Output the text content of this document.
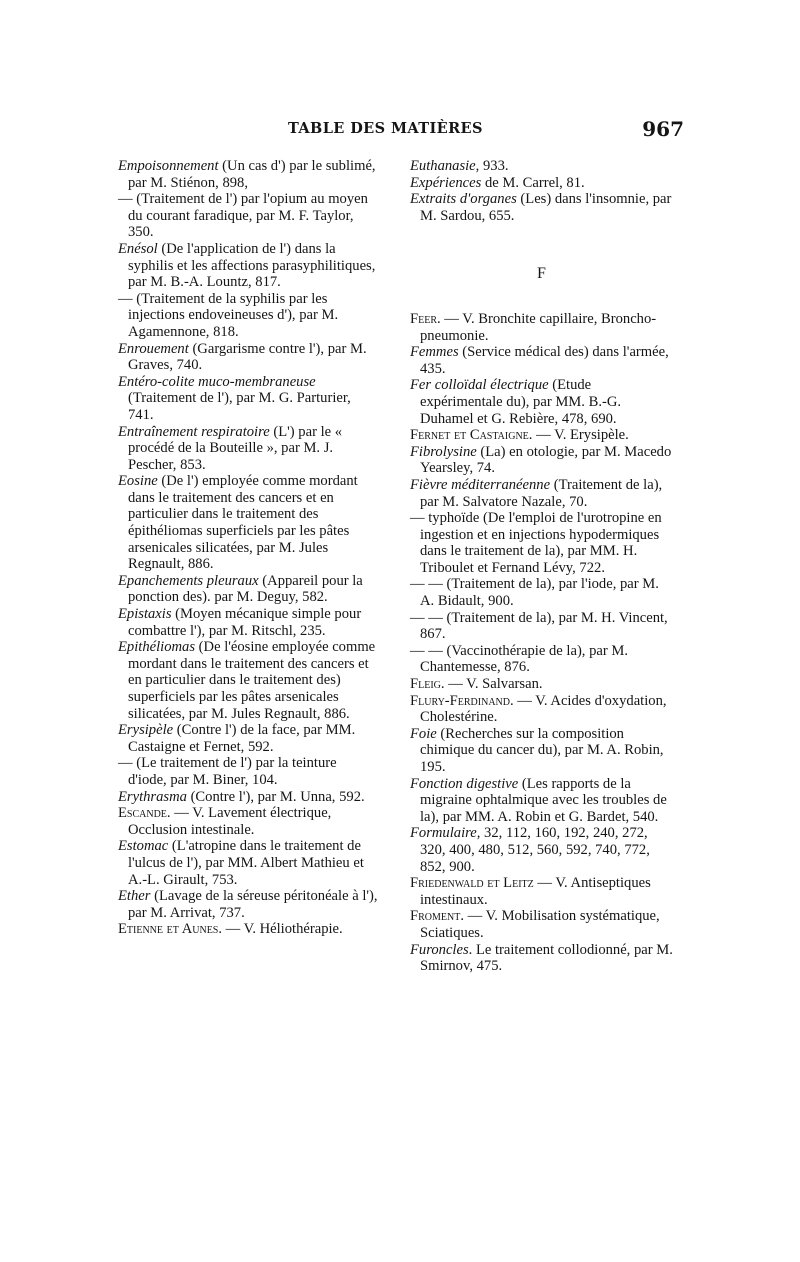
TABLE DES MATIÈRES	967

Empoisonnement (Un cas d') par le sublimé, par M. Stiénon, 898,

— (Traitement de l') par l'opium au moyen du courant faradique, par M. F. Taylor, 350.

Enésol (De l'application de l') dans la syphilis et les affections parasyphilitiques, par M. B.-A. Lountz, 817.

— (Traitement de la syphilis par les injections endoveineuses d'), par M. Agamennone, 818.

Enrouement (Gargarisme contre l'), par M. Graves, 740.

Entéro-colite muco-membraneuse (Traitement de l'), par M. G. Parturier, 741.

Entraînement respiratoire (L') par le « procédé de la Bouteille », par M. J. Pescher, 853.

Eosine (De l') employée comme mordant dans le traitement des cancers et en particulier dans le traitement des épithéliomas superficiels par les pâtes arsenicales silicatées, par M. Jules Regnault, 886.

Epanchements pleuraux (Appareil pour la ponction des). par M. Deguy, 582.

Epistaxis (Moyen mécanique simple pour combattre l'), par M. Ritschl, 235.

Epithéliomas (De l'éosine employée comme mordant dans le traitement des cancers et en particulier dans le traitement des) superficiels par les pâtes arsenicales silicatées, par M. Jules Regnault, 886.

Erysipèle (Contre l') de la face, par MM. Castaigne et Fernet, 592.

— (Le traitement de l') par la teinture d'iode, par M. Biner, 104.

Erythrasma (Contre l'), par M. Unna, 592.

Escande. — V. Lavement électrique, Occlusion intestinale.

Estomac (L'atropine dans le traitement de l'ulcus de l'), par MM. Albert Mathieu et A.-L. Girault, 753.

Ether (Lavage de la séreuse péritonéale à l'), par M. Arrivat, 737.

Etienne et Aunes. — V. Héliothérapie.

Euthanasie, 933.

Expériences de M. Carrel, 81.

Extraits d'organes (Les) dans l'insomnie, par M. Sardou, 655.

F

Feer. — V. Bronchite capillaire, Broncho-pneumonie.

Femmes (Service médical des) dans l'armée, 435.

Fer colloïdal électrique (Etude expérimentale du), par MM. B.-G. Duhamel et G. Rebière, 478, 690.

Fernet et Castaigne. — V. Erysipèle.

Fibrolysine (La) en otologie, par M. Macedo Yearsley, 74.

Fièvre méditerranéenne (Traitement de la), par M. Salvatore Nazale, 70.

— typhoïde (De l'emploi de l'urotropine en ingestion et en injections hypodermiques dans le traitement de la), par MM. H. Triboulet et Fernand Lévy, 722.

— — (Traitement de la), par l'iode, par M. A. Bidault, 900.

— — (Traitement de la), par M. H. Vincent, 867.

— — (Vaccinothérapie de la), par M. Chantemesse, 876.

Fleig. — V. Salvarsan.

Flury-Ferdinand. — V. Acides d'oxydation, Cholestérine.

Foie (Recherches sur la composition chimique du cancer du), par M. A. Robin, 195.

Fonction digestive (Les rapports de la migraine ophtalmique avec les troubles de la), par MM. A. Robin et G. Bardet, 540.

Formulaire, 32, 112, 160, 192, 240, 272, 320, 400, 480, 512, 560, 592, 740, 772, 852, 900.

Friedenwald et Leitz — V. Antiseptiques intestinaux.

Froment. — V. Mobilisation systématique, Sciatiques.

Furoncles. Le traitement collodionné, par M. Smirnov, 475.
